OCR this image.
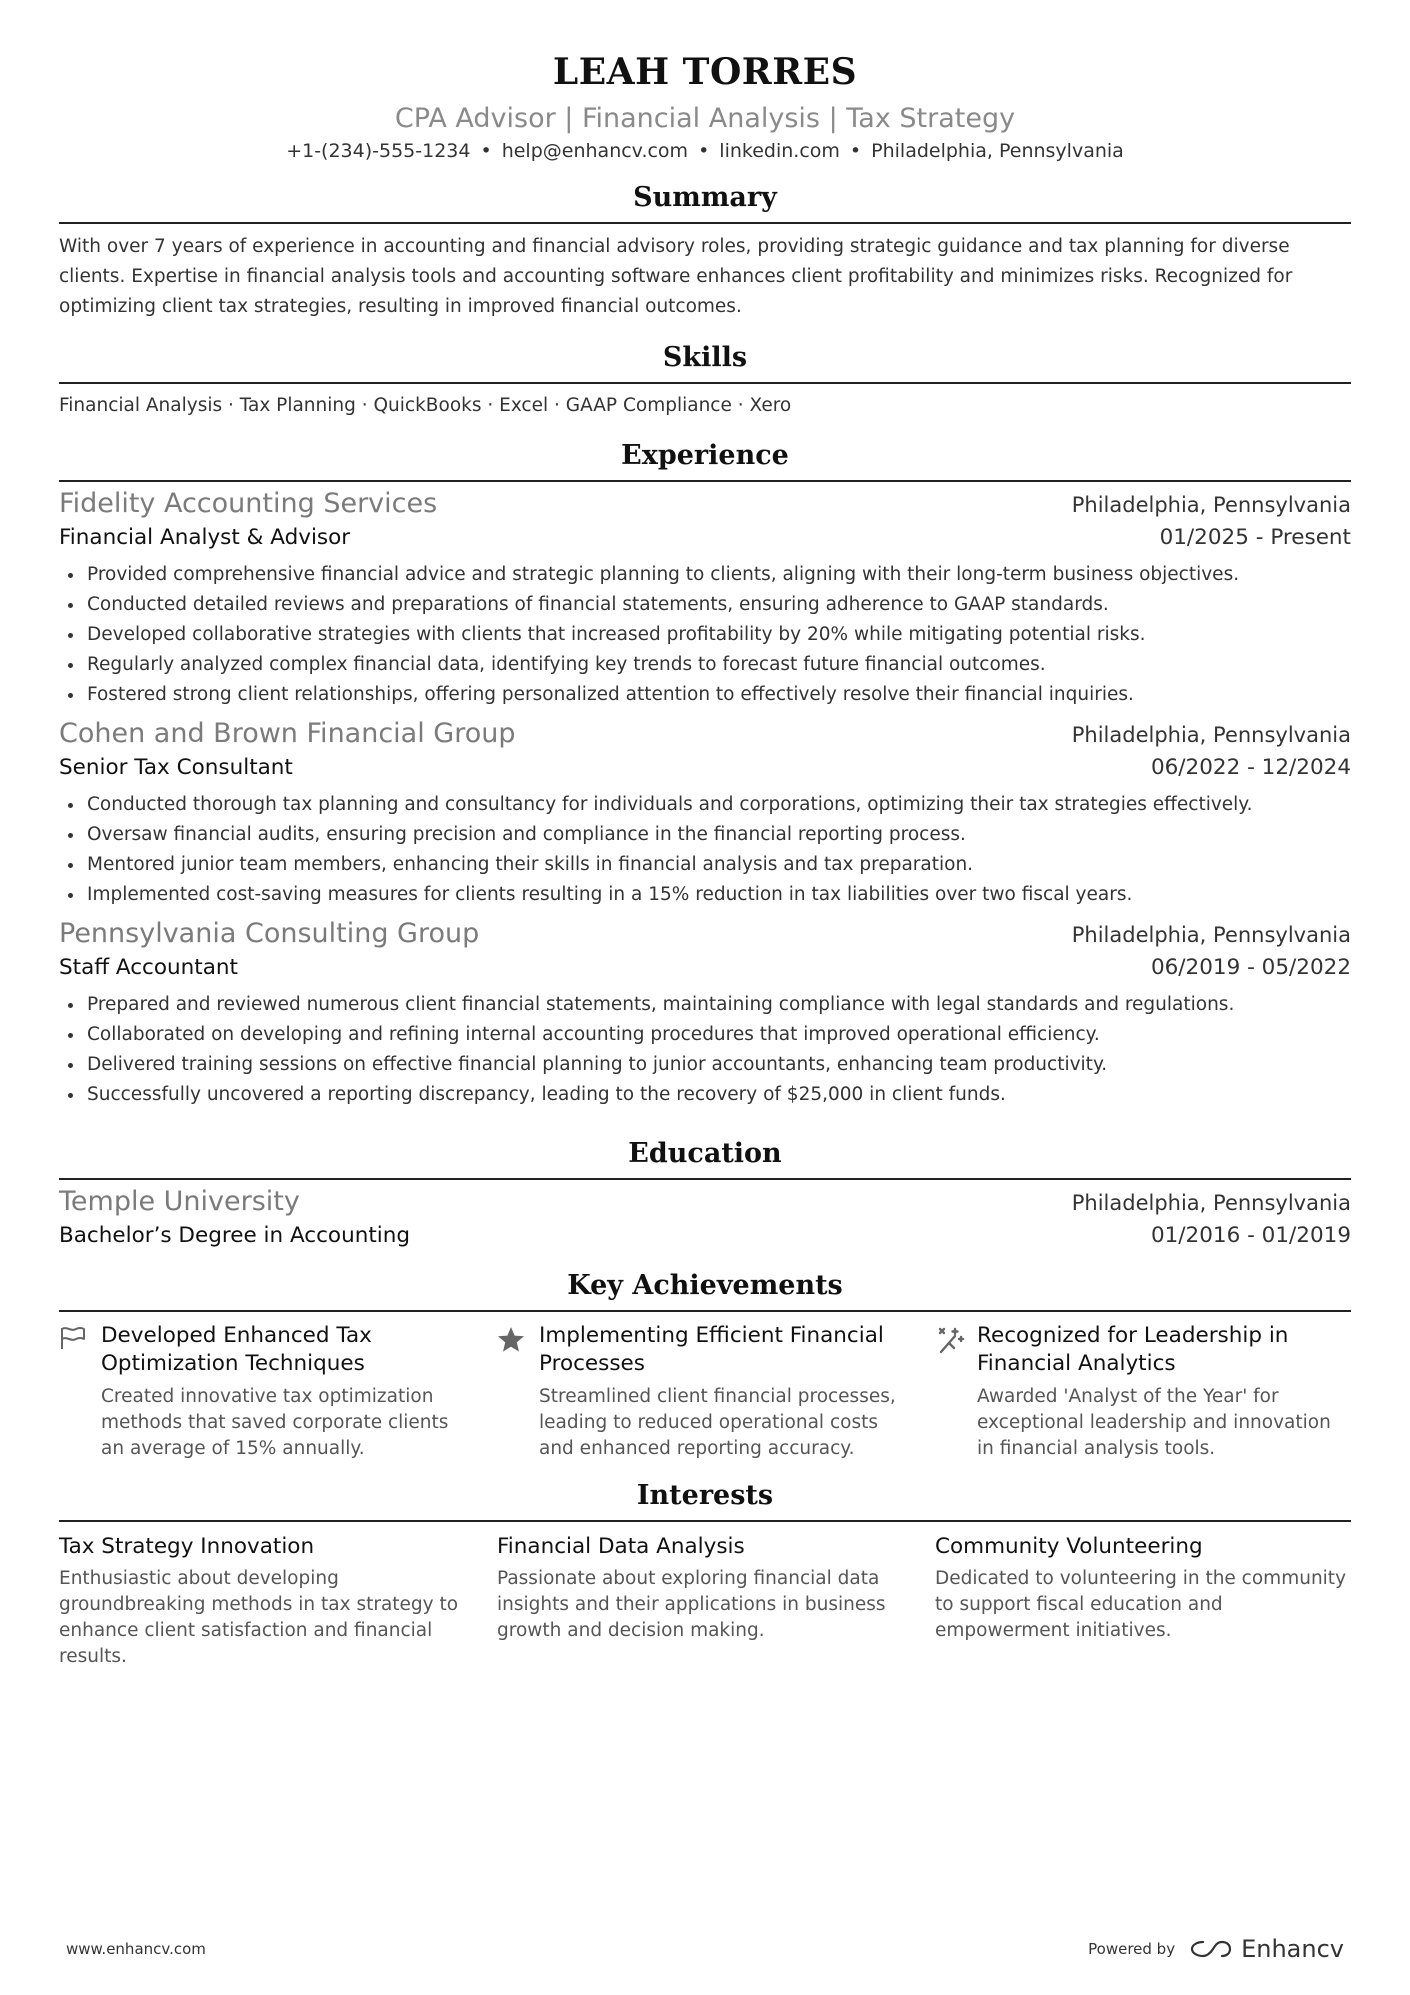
LEAH TORRES
CPA Advisor | Financial Analysis | Tax Strategy
+1-(234)-555-1234 • help@enhancv.com • linkedin.com • Philadelphia, Pennsylvania
Summary
With over 7 years of experience in accounting and financial advisory roles, providing strategic guidance and tax planning for diverse clients. Expertise in financial analysis tools and accounting software enhances client profitability and minimizes risks. Recognized for optimizing client tax strategies, resulting in improved financial outcomes.
Skills
Financial Analysis · Tax Planning · QuickBooks · Excel · GAAP Compliance · Xero
Experience
Fidelity Accounting Services	Philadelphia, Pennsylvania
Financial Analyst & Advisor	01/2025 - Present
Provided comprehensive financial advice and strategic planning to clients, aligning with their long-term business objectives.
Conducted detailed reviews and preparations of financial statements, ensuring adherence to GAAP standards.
Developed collaborative strategies with clients that increased profitability by 20% while mitigating potential risks.
Regularly analyzed complex financial data, identifying key trends to forecast future financial outcomes.
Fostered strong client relationships, offering personalized attention to effectively resolve their financial inquiries.
Cohen and Brown Financial Group	Philadelphia, Pennsylvania
Senior Tax Consultant	06/2022 - 12/2024
Conducted thorough tax planning and consultancy for individuals and corporations, optimizing their tax strategies effectively.
Oversaw financial audits, ensuring precision and compliance in the financial reporting process.
Mentored junior team members, enhancing their skills in financial analysis and tax preparation.
Implemented cost-saving measures for clients resulting in a 15% reduction in tax liabilities over two fiscal years.
Pennsylvania Consulting Group	Philadelphia, Pennsylvania
Staff Accountant	06/2019 - 05/2022
Prepared and reviewed numerous client financial statements, maintaining compliance with legal standards and regulations.
Collaborated on developing and refining internal accounting procedures that improved operational efficiency.
Delivered training sessions on effective financial planning to junior accountants, enhancing team productivity.
Successfully uncovered a reporting discrepancy, leading to the recovery of $25,000 in client funds.
Education
Temple University	Philadelphia, Pennsylvania
Bachelor’s Degree in Accounting	01/2016 - 01/2019
Key Achievements
Developed Enhanced Tax Optimization Techniques
Created innovative tax optimization methods that saved corporate clients an average of 15% annually.
Implementing Efficient Financial Processes
Streamlined client financial processes, leading to reduced operational costs and enhanced reporting accuracy.
Recognized for Leadership in Financial Analytics
Awarded 'Analyst of the Year' for exceptional leadership and innovation in financial analysis tools.
Interests
Tax Strategy Innovation
Enthusiastic about developing groundbreaking methods in tax strategy to enhance client satisfaction and financial results.
Financial Data Analysis
Passionate about exploring financial data insights and their applications in business growth and decision making.
Community Volunteering
Dedicated to volunteering in the community to support fiscal education and empowerment initiatives.
www.enhancv.com	Powered by	Enhancv
